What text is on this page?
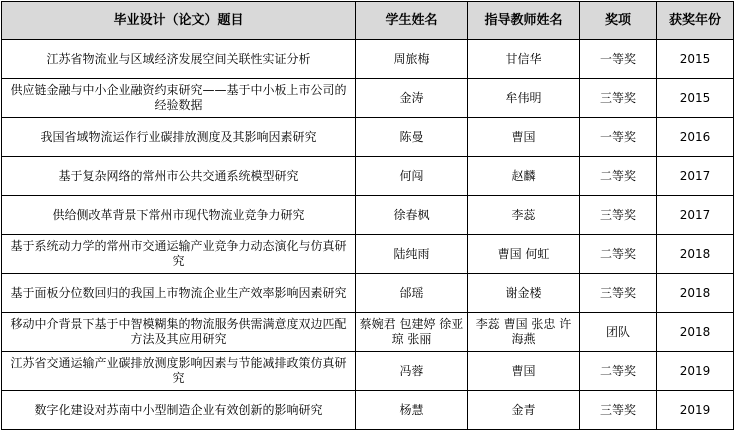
毕业设计（论文）题目	学生姓名	指导教师姓名	奖项	获奖年份
江苏省物流业与区域经济发展空间关联性实证分析	周旅梅	甘信华	一等奖	2015
供应链金融与中小企业融资约束研究——基于中小板上市公司的经验数据	金涛	牟伟明	三等奖	2015
我国省域物流运作行业碳排放测度及其影响因素研究	陈曼	曹国	一等奖	2016
基于复杂网络的常州市公共交通系统模型研究	何闯	赵麟	二等奖	2017
供给侧改革背景下常州市现代物流业竞争力研究	徐春枫	李蕊	三等奖	2017
基于系统动力学的常州市交通运输产业竞争力动态演化与仿真研究	陆纯雨	曹国 何虹	二等奖	2018
基于面板分位数回归的我国上市物流企业生产效率影响因素研究	邰瑶	谢金楼	三等奖	2018
移动中介背景下基于中智模糊集的物流服务供需满意度双边匹配方法及其应用研究	蔡婉君 包建婷 徐亚琼 张丽	李蕊 曹国 张忠 许海燕	团队	2018
江苏省交通运输产业碳排放测度影响因素与节能减排政策仿真研究	冯蓉	曹国	二等奖	2019
数字化建设对苏南中小型制造企业有效创新的影响研究	杨慧	金青	三等奖	2019
